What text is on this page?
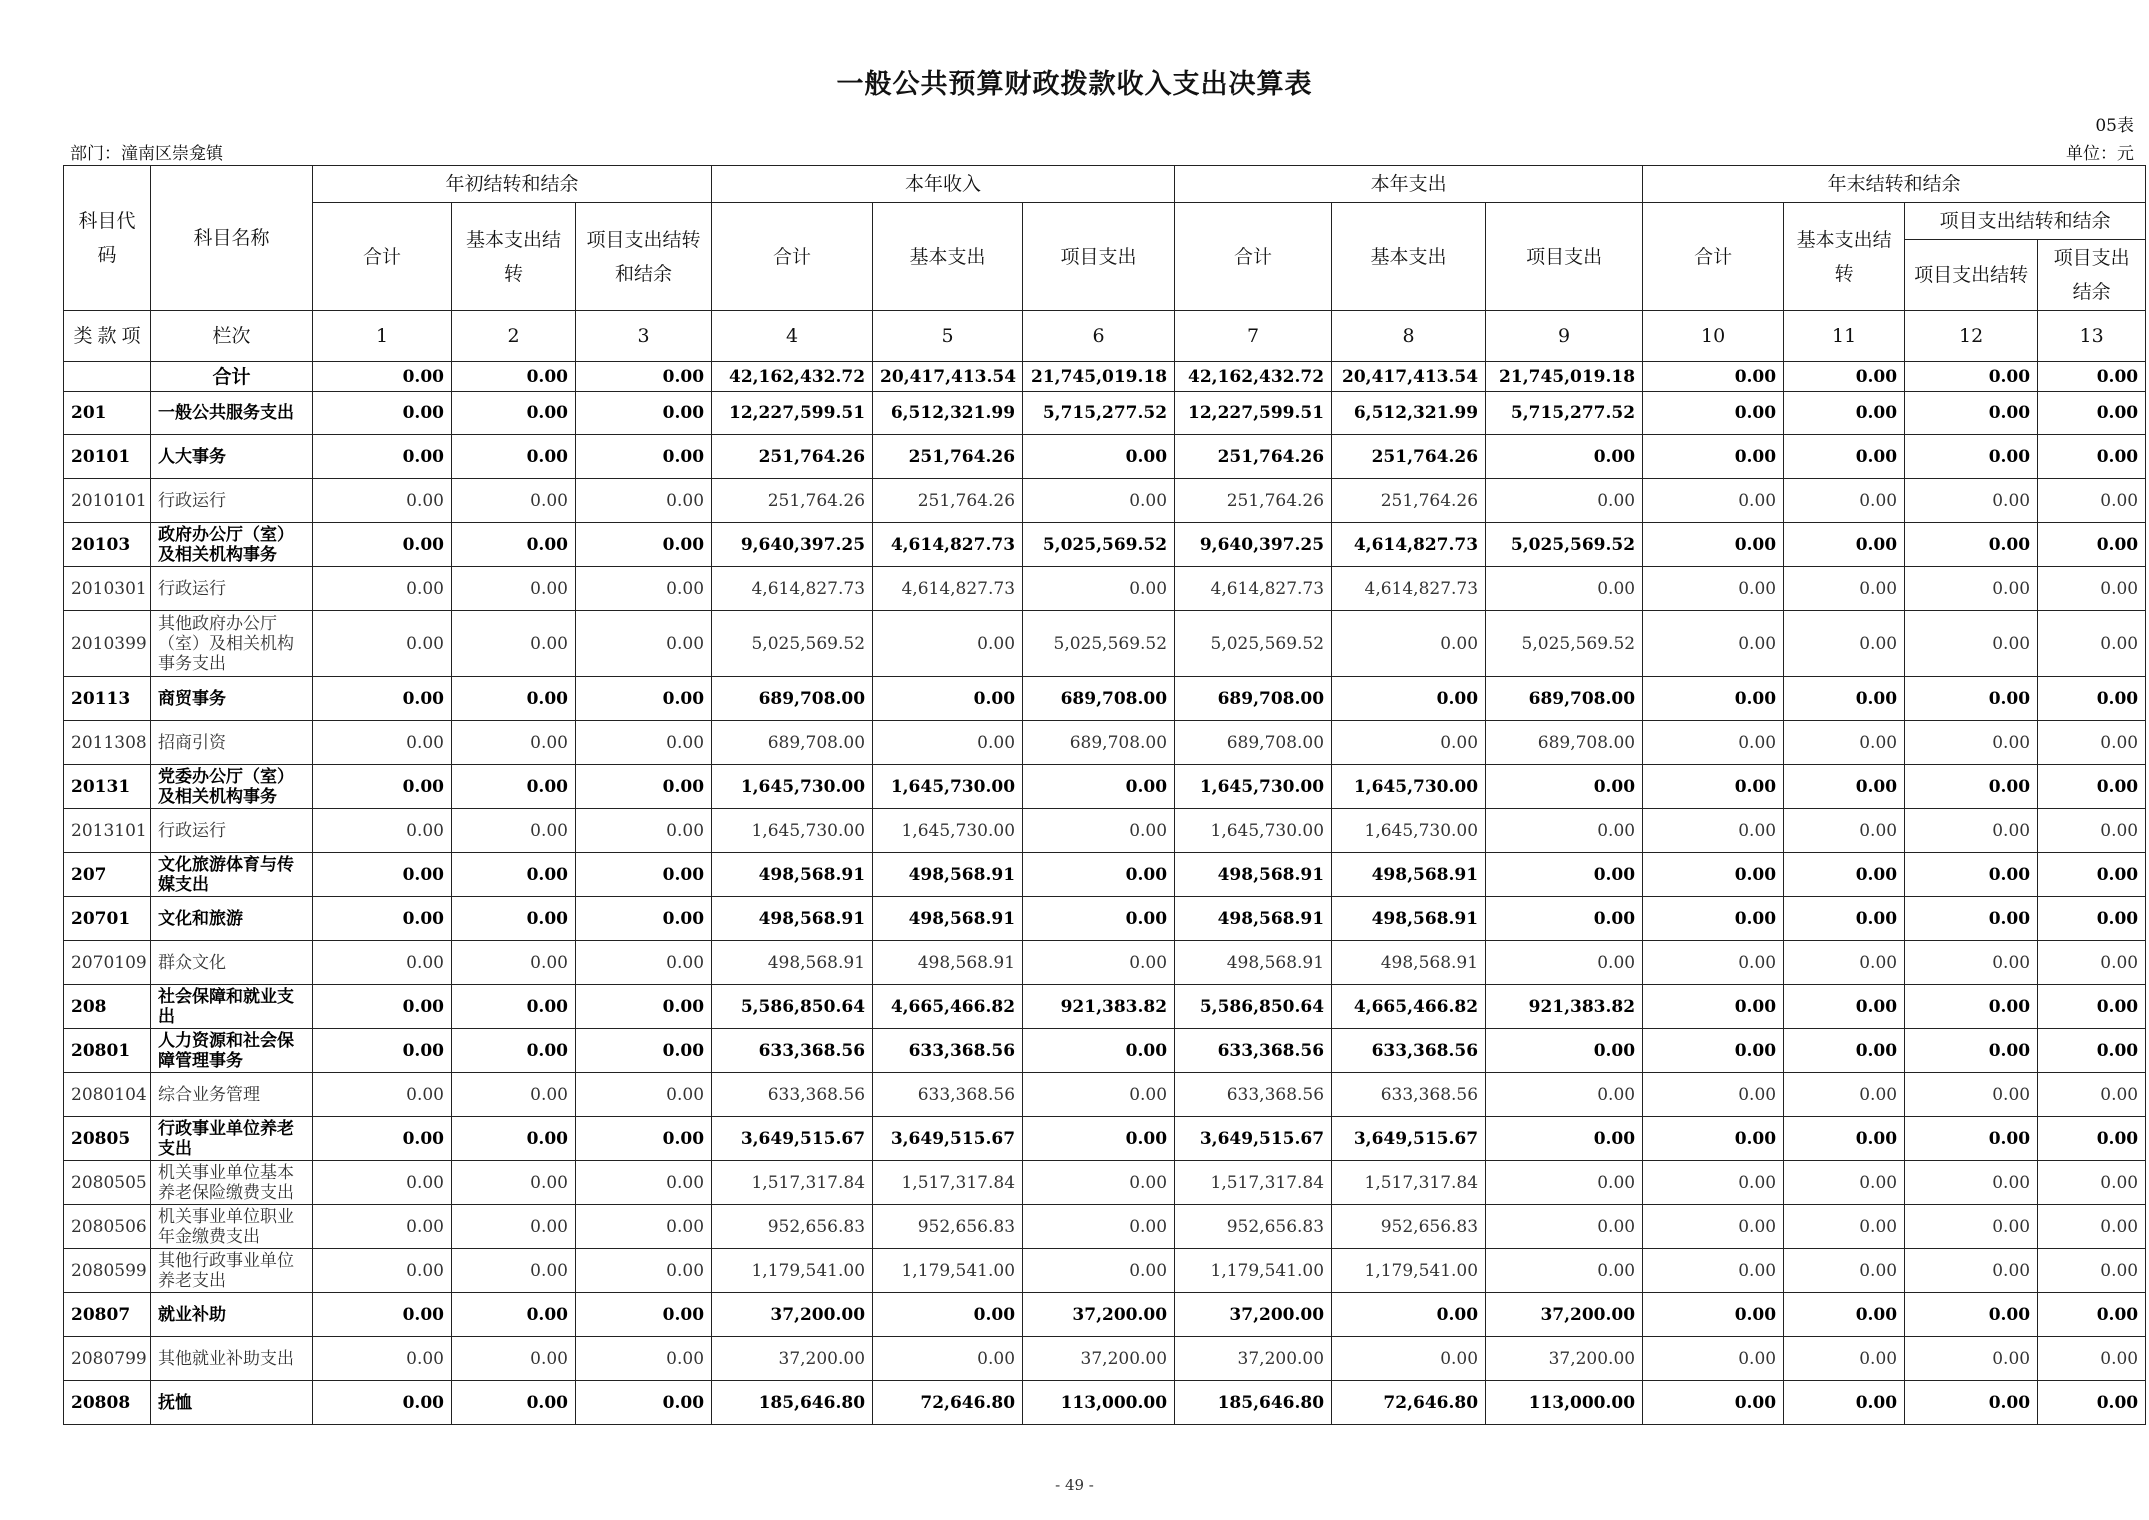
一般公共预算财政拨款收入支出决算表
05表
部门：潼南区崇龛镇	单位：元
科目代码	科目名称	年初结转和结余			本年收入			本年支出			年末结转和结余			
		合计	基本支出结转	项目支出结转和结余	合计	基本支出	项目支出	合计	基本支出	项目支出	合计	基本支出结转	项目支出结转和结余	
													项目支出结转	项目支出结余

类 款 项	栏次	1	2	3	4	5	6	7	8	9	10	11	12	13
	合计	0.00	0.00	0.00	42,162,432.72	20,417,413.54	21,745,019.18	42,162,432.72	20,417,413.54	21,745,019.18	0.00	0.00	0.00	0.00
201	一般公共服务支出	0.00	0.00	0.00	12,227,599.51	6,512,321.99	5,715,277.52	12,227,599.51	6,512,321.99	5,715,277.52	0.00	0.00	0.00	0.00
20101	人大事务	0.00	0.00	0.00	251,764.26	251,764.26	0.00	251,764.26	251,764.26	0.00	0.00	0.00	0.00	0.00
2010101	行政运行	0.00	0.00	0.00	251,764.26	251,764.26	0.00	251,764.26	251,764.26	0.00	0.00	0.00	0.00	0.00
20103	政府办公厅（室）及相关机构事务	0.00	0.00	0.00	9,640,397.25	4,614,827.73	5,025,569.52	9,640,397.25	4,614,827.73	5,025,569.52	0.00	0.00	0.00	0.00
2010301	行政运行	0.00	0.00	0.00	4,614,827.73	4,614,827.73	0.00	4,614,827.73	4,614,827.73	0.00	0.00	0.00	0.00	0.00
2010399	其他政府办公厅（室）及相关机构事务支出	0.00	0.00	0.00	5,025,569.52	0.00	5,025,569.52	5,025,569.52	0.00	5,025,569.52	0.00	0.00	0.00	0.00
20113	商贸事务	0.00	0.00	0.00	689,708.00	0.00	689,708.00	689,708.00	0.00	689,708.00	0.00	0.00	0.00	0.00
2011308	招商引资	0.00	0.00	0.00	689,708.00	0.00	689,708.00	689,708.00	0.00	689,708.00	0.00	0.00	0.00	0.00
20131	党委办公厅（室）及相关机构事务	0.00	0.00	0.00	1,645,730.00	1,645,730.00	0.00	1,645,730.00	1,645,730.00	0.00	0.00	0.00	0.00	0.00
2013101	行政运行	0.00	0.00	0.00	1,645,730.00	1,645,730.00	0.00	1,645,730.00	1,645,730.00	0.00	0.00	0.00	0.00	0.00
207	文化旅游体育与传媒支出	0.00	0.00	0.00	498,568.91	498,568.91	0.00	498,568.91	498,568.91	0.00	0.00	0.00	0.00	0.00
20701	文化和旅游	0.00	0.00	0.00	498,568.91	498,568.91	0.00	498,568.91	498,568.91	0.00	0.00	0.00	0.00	0.00
2070109	群众文化	0.00	0.00	0.00	498,568.91	498,568.91	0.00	498,568.91	498,568.91	0.00	0.00	0.00	0.00	0.00
208	社会保障和就业支出	0.00	0.00	0.00	5,586,850.64	4,665,466.82	921,383.82	5,586,850.64	4,665,466.82	921,383.82	0.00	0.00	0.00	0.00
20801	人力资源和社会保障管理事务	0.00	0.00	0.00	633,368.56	633,368.56	0.00	633,368.56	633,368.56	0.00	0.00	0.00	0.00	0.00
2080104	综合业务管理	0.00	0.00	0.00	633,368.56	633,368.56	0.00	633,368.56	633,368.56	0.00	0.00	0.00	0.00	0.00
20805	行政事业单位养老支出	0.00	0.00	0.00	3,649,515.67	3,649,515.67	0.00	3,649,515.67	3,649,515.67	0.00	0.00	0.00	0.00	0.00
2080505	机关事业单位基本养老保险缴费支出	0.00	0.00	0.00	1,517,317.84	1,517,317.84	0.00	1,517,317.84	1,517,317.84	0.00	0.00	0.00	0.00	0.00
2080506	机关事业单位职业年金缴费支出	0.00	0.00	0.00	952,656.83	952,656.83	0.00	952,656.83	952,656.83	0.00	0.00	0.00	0.00	0.00
2080599	其他行政事业单位养老支出	0.00	0.00	0.00	1,179,541.00	1,179,541.00	0.00	1,179,541.00	1,179,541.00	0.00	0.00	0.00	0.00	0.00
20807	就业补助	0.00	0.00	0.00	37,200.00	0.00	37,200.00	37,200.00	0.00	37,200.00	0.00	0.00	0.00	0.00
2080799	其他就业补助支出	0.00	0.00	0.00	37,200.00	0.00	37,200.00	37,200.00	0.00	37,200.00	0.00	0.00	0.00	0.00
20808	抚恤	0.00	0.00	0.00	185,646.80	72,646.80	113,000.00	185,646.80	72,646.80	113,000.00	0.00	0.00	0.00	0.00
- 49 -
